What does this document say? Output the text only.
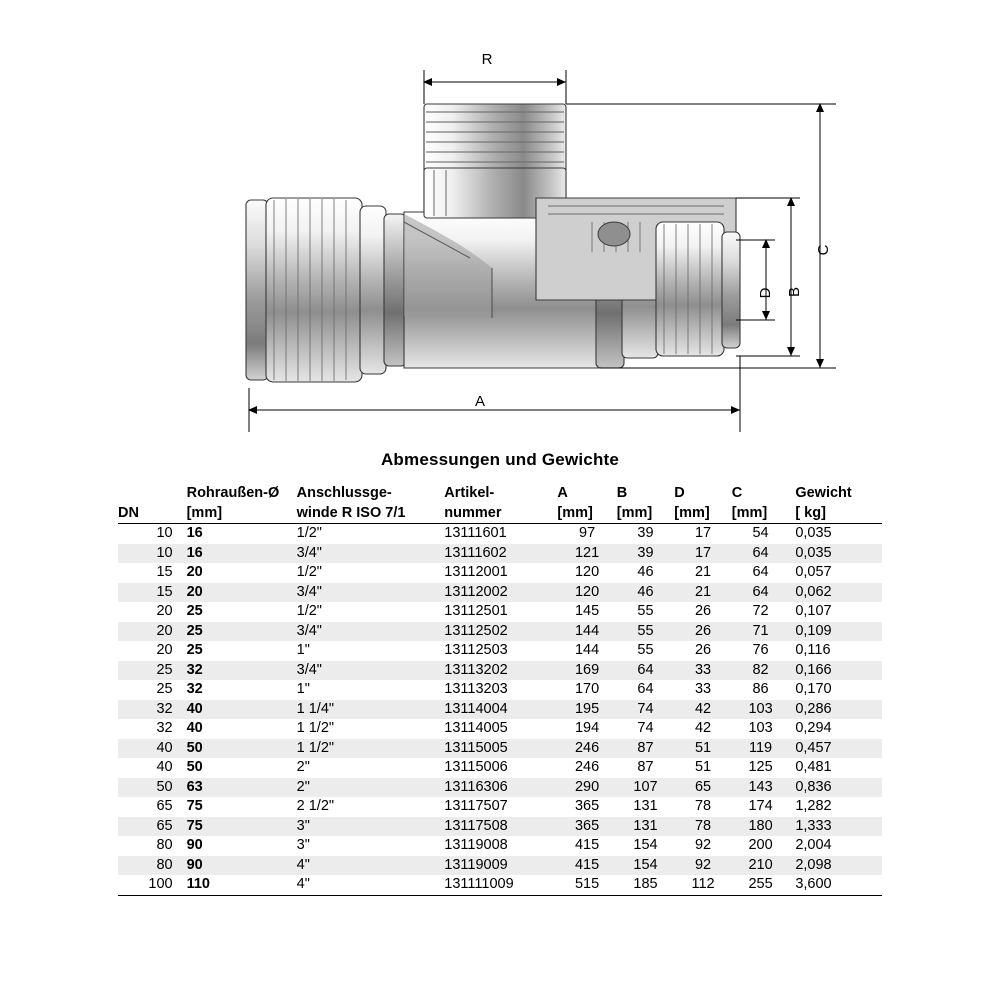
R
A
C
B
D
Abmessungen und Gewichte
DN	Rohraußen-Ø
[mm]	Anschlussge-
winde R ISO 7/1	Artikel-
nummer	A
[mm]	B
[mm]	D
[mm]	C
[mm]	Gewicht
[ kg]

10	16	1/2"	13111601	97	39	17	54	0,035
10	16	3/4"	13111602	121	39	17	64	0,035
15	20	1/2"	13112001	120	46	21	64	0,057
15	20	3/4"	13112002	120	46	21	64	0,062
20	25	1/2"	13112501	145	55	26	72	0,107
20	25	3/4"	13112502	144	55	26	71	0,109
20	25	1"	13112503	144	55	26	76	0,116
25	32	3/4"	13113202	169	64	33	82	0,166
25	32	1"	13113203	170	64	33	86	0,170
32	40	1 1/4"	13114004	195	74	42	103	0,286
32	40	1 1/2"	13114005	194	74	42	103	0,294
40	50	1 1/2"	13115005	246	87	51	119	0,457
40	50	2"	13115006	246	87	51	125	0,481
50	63	2"	13116306	290	107	65	143	0,836
65	75	2 1/2"	13117507	365	131	78	174	1,282
65	75	3"	13117508	365	131	78	180	1,333
80	90	3"	13119008	415	154	92	200	2,004
80	90	4"	13119009	415	154	92	210	2,098
100	110	4"	131111009	515	185	112	255	3,600
